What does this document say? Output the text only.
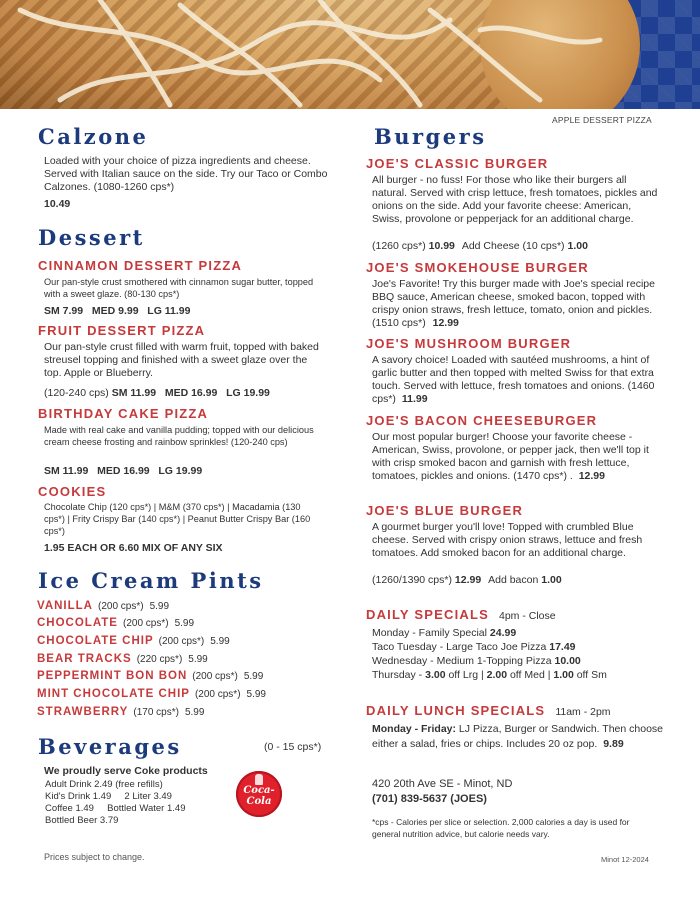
APPLE DESSERT PIZZA
Calzone
Loaded with your choice of pizza ingredients and cheese. Served with Italian sauce on the side. Try our Taco or Combo Calzones. (1080-1260 cps*)
10.49
Dessert
CINNAMON DESSERT PIZZA
Our pan-style crust smothered with cinnamon sugar butter, topped with a sweet glaze. (80-130 cps*)
SM 7.99   MED 9.99   LG 11.99
FRUIT DESSERT PIZZA
Our pan-style crust filled with warm fruit, topped with baked streusel topping and finished with a sweet glaze over the top. Apple or Blueberry.
(120-240 cps) SM 11.99   MED 16.99   LG 19.99
BIRTHDAY CAKE PIZZA
Made with real cake and vanilla pudding; topped with our delicious cream cheese frosting and rainbow sprinkles! (120-240 cps)
SM 11.99   MED 16.99   LG 19.99
COOKIES
Chocolate Chip (120 cps*) | M&M (370 cps*) | Macadamia (130 cps*) | Frity Crispy Bar (140 cps*) | Peanut Butter Crispy Bar (160 cps*)
1.95 EACH OR 6.60 MIX OF ANY SIX
Ice Cream Pints
VANILLA (200 cps*) 5.99
CHOCOLATE (200 cps*) 5.99
CHOCOLATE CHIP (200 cps*) 5.99
BEAR TRACKS (220 cps*) 5.99
PEPPERMINT BON BON (200 cps*) 5.99
MINT CHOCOLATE CHIP (200 cps*) 5.99
STRAWBERRY (170 cps*) 5.99
Beverages	(0 - 15 cps*)
We proudly serve Coke products
Adult Drink 2.49 (free refills)
Kid's Drink 1.49     2 Liter 3.49
Coffee 1.49     Bottled Water 1.49
Bottled Beer 3.79
Coca-Cola
Prices subject to change.
Burgers
JOE'S CLASSIC BURGER
All burger - no fuss! For those who like their burgers all natural. Served with crisp lettuce, fresh tomatoes, pickles and onions on the side. Add your favorite cheese: American, Swiss, provolone or pepperjack for an additional charge.
(1260 cps*) 10.99 Add Cheese (10 cps*) 1.00
JOE'S SMOKEHOUSE BURGER
Joe's Favorite! Try this burger made with Joe's special recipe BBQ sauce, American cheese, smoked bacon, topped with crispy onion straws, fresh lettuce, tomato, onion and pickles. (1510 cps*) 12.99
JOE'S MUSHROOM BURGER
A savory choice! Loaded with sautéed mushrooms, a hint of garlic butter and then topped with melted Swiss for that extra touch. Served with lettuce, fresh tomatoes and onions. (1460 cps*) 11.99
JOE'S BACON CHEESEBURGER
Our most popular burger! Choose your favorite cheese - American, Swiss, provolone, or pepper jack, then we'll top it with crisp smoked bacon and garnish with fresh lettuce, tomatoes, pickles and onions. (1470 cps*) . 12.99
JOE'S BLUE BURGER
A gourmet burger you'll love! Topped with crumbled Blue cheese. Served with crispy onion straws, lettuce and fresh tomatoes. Add smoked bacon for an additional charge.
(1260/1390 cps*) 12.99 Add bacon 1.00
DAILY SPECIALS 4pm - Close
Monday - Family Special 24.99
Taco Tuesday - Large Taco Joe Pizza 17.49
Wednesday - Medium 1-Topping Pizza 10.00
Thursday - 3.00 off Lrg | 2.00 off Med | 1.00 off Sm
DAILY LUNCH SPECIALS 11am - 2pm
Monday - Friday: LJ Pizza, Burger or Sandwich. Then choose either a salad, fries or chips. Includes 20 oz pop. 9.89
420 20th Ave SE - Minot, ND
(701) 839-5637 (JOES)
*cps - Calories per slice or selection. 2,000 calories a day is used for general nutrition advice, but calorie needs vary.
Minot 12-2024
